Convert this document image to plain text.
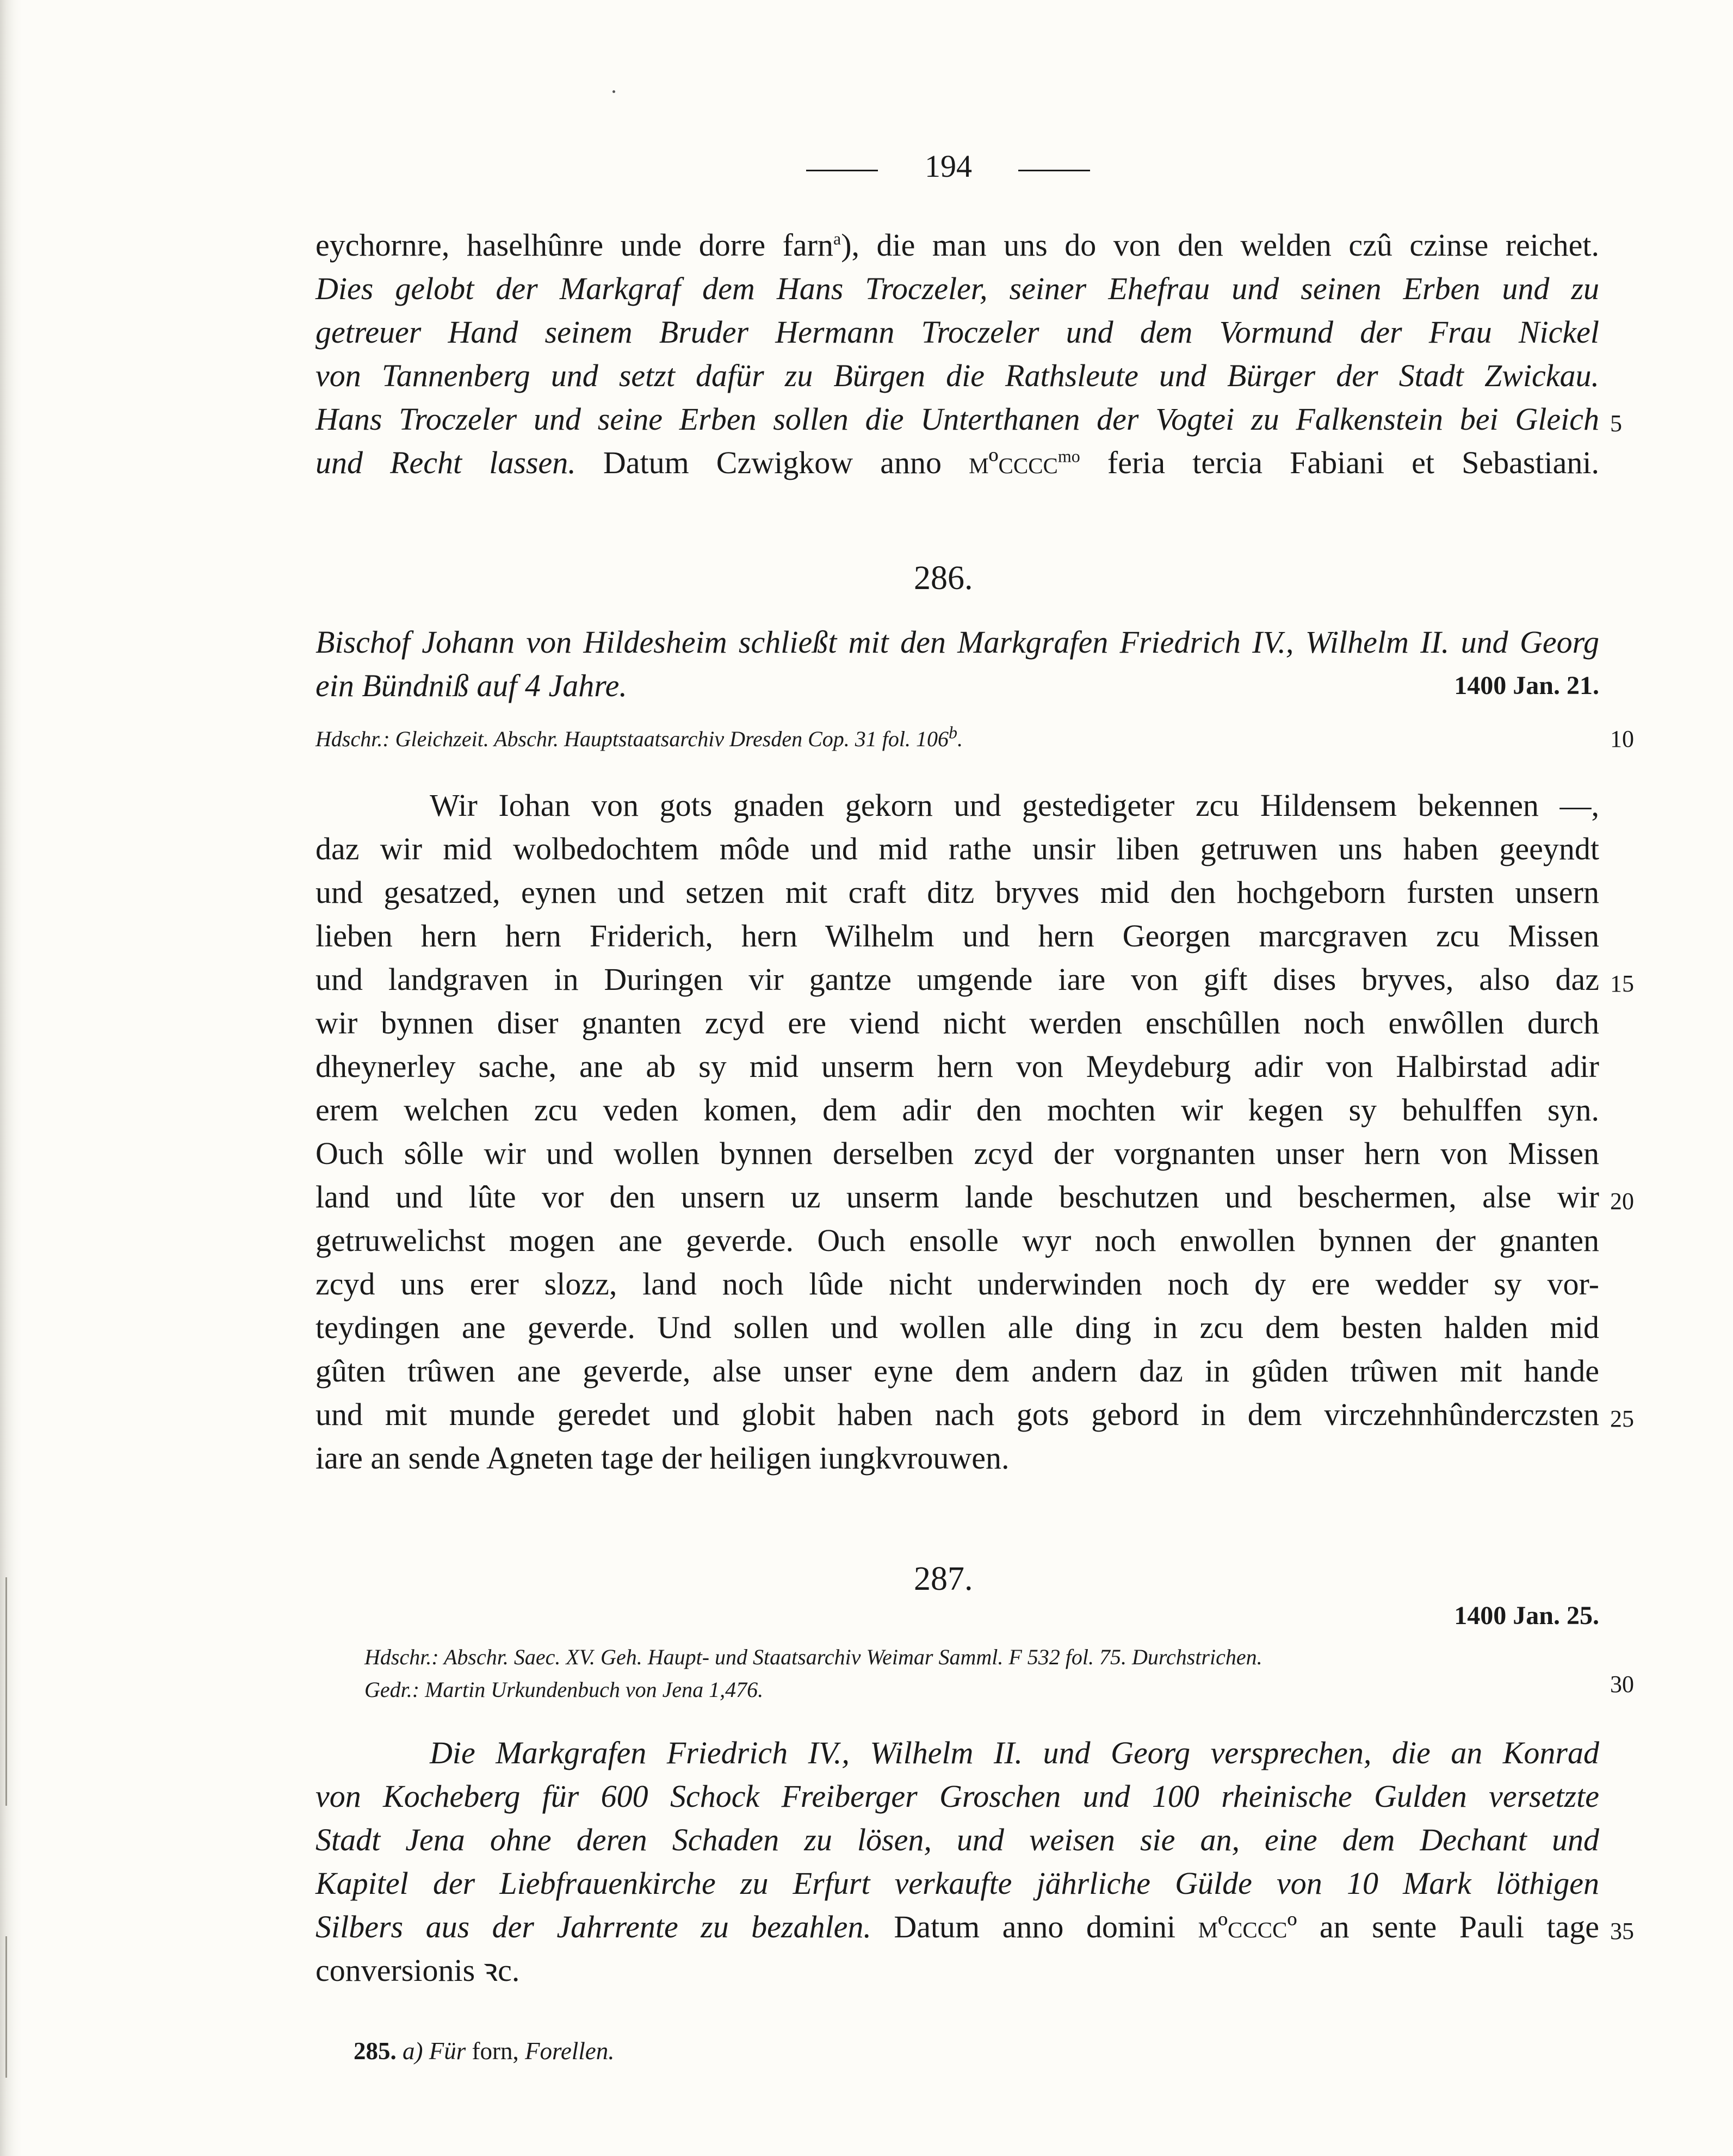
194
eychornre, haselhûnre unde dorre farn$^a$), die man uns do von den welden czû czinse reichet.
Dies gelobt der Markgraf dem Hans Troczeler, seiner Ehefrau und seinen Erben und zu
getreuer Hand seinem Bruder Hermann Troczeler und dem Vormund der Frau Nickel
von Tannenberg und setzt dafür zu Bürgen die Rathsleute und Bürger der Stadt Zwickau.
Hans Troczeler und seine Erben sollen die Unterthanen der Vogtei zu Falkenstein bei Gleich
und Recht lassen. Datum Czwigkow anno mºcccc$^{mo}$ feria tercia Fabiani et Sebastiani.
286.
Bischof Johann von Hildesheim schließt mit den Markgrafen Friedrich IV., Wilhelm II. und Georg
ein Bündniß auf 4 Jahre.	1400 Jan. 21.
Hdschr.: Gleichzeit. Abschr. Hauptstaatsarchiv Dresden Cop. 31 fol. 106$^b$.
Wir Iohan von gots gnaden gekorn und gestedigeter zcu Hildensem bekennen —,
daz wir mid wolbedochtem môde und mid rathe unsir liben getruwen uns haben geeyndt
und gesatzed, eynen und setzen mit craft ditz bryves mid den hochgeborn fursten unsern
lieben hern hern Friderich, hern Wilhelm und hern Georgen marcgraven zcu Missen
und landgraven in Duringen vir gantze umgende iare von gift dises bryves, also daz
wir bynnen diser gnanten zcyd ere viend nicht werden enschûllen noch enwôllen durch
dheynerley sache, ane ab sy mid unserm hern von Meydeburg adir von Halbirstad adir
erem welchen zcu veden komen, dem adir den mochten wir kegen sy behulffen syn.
Ouch sôlle wir und wollen bynnen derselben zcyd der vorgnanten unser hern von Missen
land und lûte vor den unsern uz unserm lande beschutzen und beschermen, alse wir
getruwelichst mogen ane geverde. Ouch ensolle wyr noch enwollen bynnen der gnanten
zcyd uns erer slozz, land noch lûde nicht underwinden noch dy ere wedder sy vor-
teydingen ane geverde. Und sollen und wollen alle ding in zcu dem besten halden mid
gûten trûwen ane geverde, alse unser eyne dem andern daz in gûden trûwen mit hande
und mit munde geredet und globit haben nach gots gebord in dem virczehnhûnderczsten
iare an sende Agneten tage der heiligen iungkvrouwen.
287.
1400 Jan. 25.
Hdschr.: Abschr. Saec. XV. Geh. Haupt- und Staatsarchiv Weimar Samml. F 532 fol. 75. Durchstrichen.
Gedr.: Martin Urkundenbuch von Jena 1,476.
Die Markgrafen Friedrich IV., Wilhelm II. und Georg versprechen, die an Konrad
von Kocheberg für 600 Schock Freiberger Groschen und 100 rheinische Gulden versetzte
Stadt Jena ohne deren Schaden zu lösen, und weisen sie an, eine dem Dechant und
Kapitel der Liebfrauenkirche zu Erfurt verkaufte jährliche Gülde von 10 Mark löthigen
Silbers aus der Jahrrente zu bezahlen. Datum anno domini mºccccº an sente Pauli tage
conversionis ꝛc.
285. a) Für forn, Forellen.
5
10
15
20
25
30
35
